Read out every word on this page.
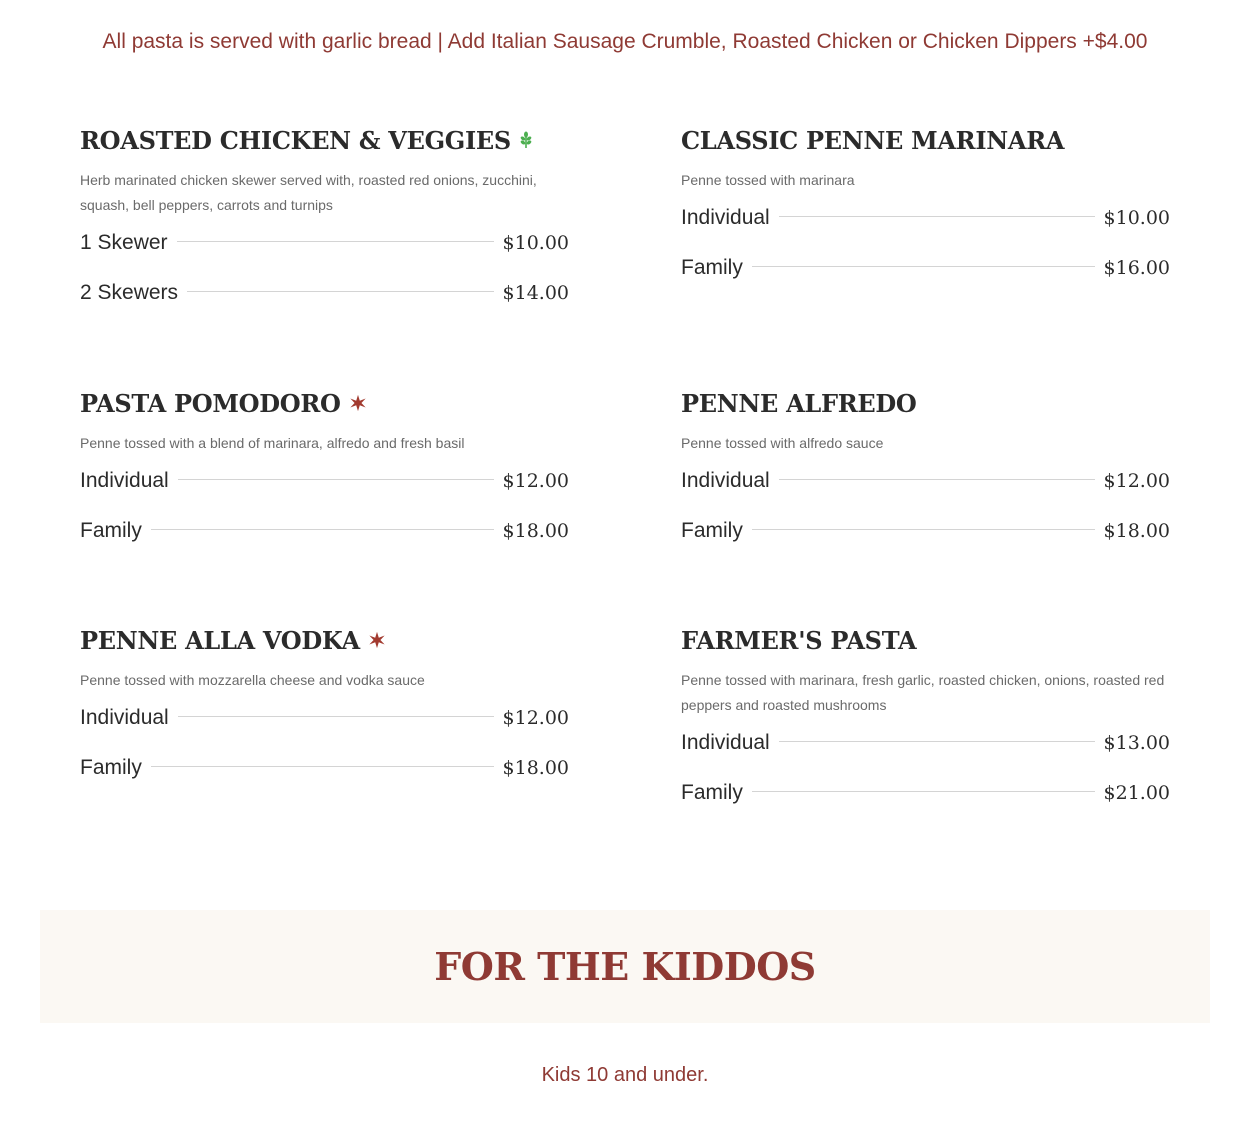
All pasta is served with garlic bread | Add Italian Sausage Crumble, Roasted Chicken or Chicken Dippers +$4.00
ROASTED CHICKEN & VEGGIES

Herb marinated chicken skewer served with, roasted red onions, zucchini, squash, bell peppers, carrots and turnips

1 Skewer	$10.00
2 Skewers	$14.00
CLASSIC PENNE MARINARA

Penne tossed with marinara

Individual	$10.00
Family	$16.00
PASTA POMODORO

Penne tossed with a blend of marinara, alfredo and fresh basil

Individual	$12.00
Family	$18.00
PENNE ALFREDO

Penne tossed with alfredo sauce

Individual	$12.00
Family	$18.00
PENNE ALLA VODKA

Penne tossed with mozzarella cheese and vodka sauce

Individual	$12.00
Family	$18.00
FARMER'S PASTA

Penne tossed with marinara, fresh garlic, roasted chicken, onions, roasted red peppers and roasted mushrooms

Individual	$13.00
Family	$21.00
FOR THE KIDDOS
Kids 10 and under.
